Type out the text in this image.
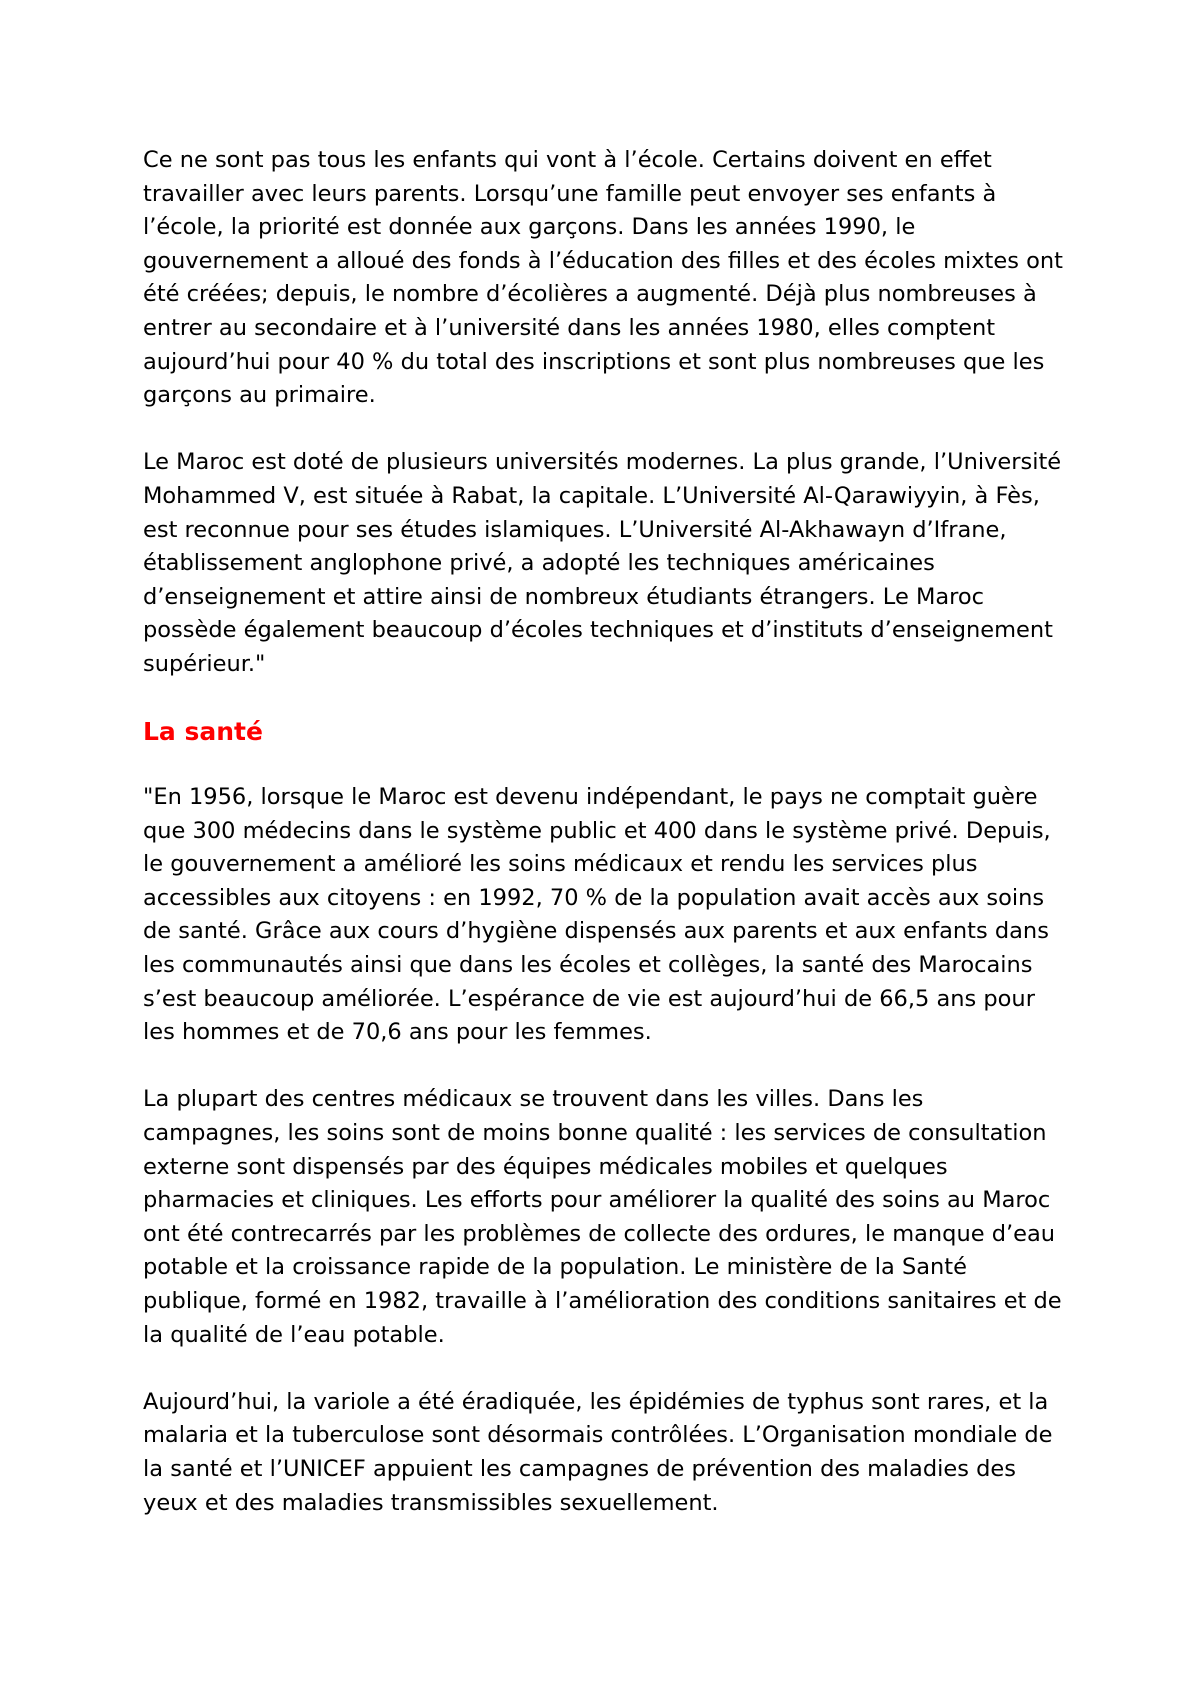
Ce ne sont pas tous les enfants qui vont à l’école. Certains doivent en effet travailler avec leurs parents. Lorsqu’une famille peut envoyer ses enfants à l’école, la priorité est donnée aux garçons. Dans les années 1990, le gouvernement a alloué des fonds à l’éducation des filles et des écoles mixtes ont été créées; depuis, le nombre d’écolières a augmenté. Déjà plus nombreuses à entrer au secondaire et à l’université dans les années 1980, elles comptent aujourd’hui pour 40 % du total des inscriptions et sont plus nombreuses que les garçons au primaire.

Le Maroc est doté de plusieurs universités modernes. La plus grande, l’Université Mohammed V, est située à Rabat, la capitale. L’Université Al-Qarawiyyin, à Fès, est reconnue pour ses études islamiques. L’Université Al-Akhawayn d’Ifrane, établissement anglophone privé, a adopté les techniques américaines d’enseignement et attire ainsi de nombreux étudiants étrangers. Le Maroc possède également beaucoup d’écoles techniques et d’instituts d’enseignement supérieur."

La santé

"En 1956, lorsque le Maroc est devenu indépendant, le pays ne comptait guère que 300 médecins dans le système public et 400 dans le système privé. Depuis, le gouvernement a amélioré les soins médicaux et rendu les services plus accessibles aux citoyens : en 1992, 70 % de la population avait accès aux soins de santé. Grâce aux cours d’hygiène dispensés aux parents et aux enfants dans les communautés ainsi que dans les écoles et collèges, la santé des Marocains s’est beaucoup améliorée. L’espérance de vie est aujourd’hui de 66,5 ans pour les hommes et de 70,6 ans pour les femmes.

La plupart des centres médicaux se trouvent dans les villes. Dans les campagnes, les soins sont de moins bonne qualité : les services de consultation externe sont dispensés par des équipes médicales mobiles et quelques pharmacies et cliniques. Les efforts pour améliorer la qualité des soins au Maroc ont été contrecarrés par les problèmes de collecte des ordures, le manque d’eau potable et la croissance rapide de la population. Le ministère de la Santé publique, formé en 1982, travaille à l’amélioration des conditions sanitaires et de la qualité de l’eau potable.

Aujourd’hui, la variole a été éradiquée, les épidémies de typhus sont rares, et la malaria et la tuberculose sont désormais contrôlées. L’Organisation mondiale de la santé et l’UNICEF appuient les campagnes de prévention des maladies des yeux et des maladies transmissibles sexuellement.
